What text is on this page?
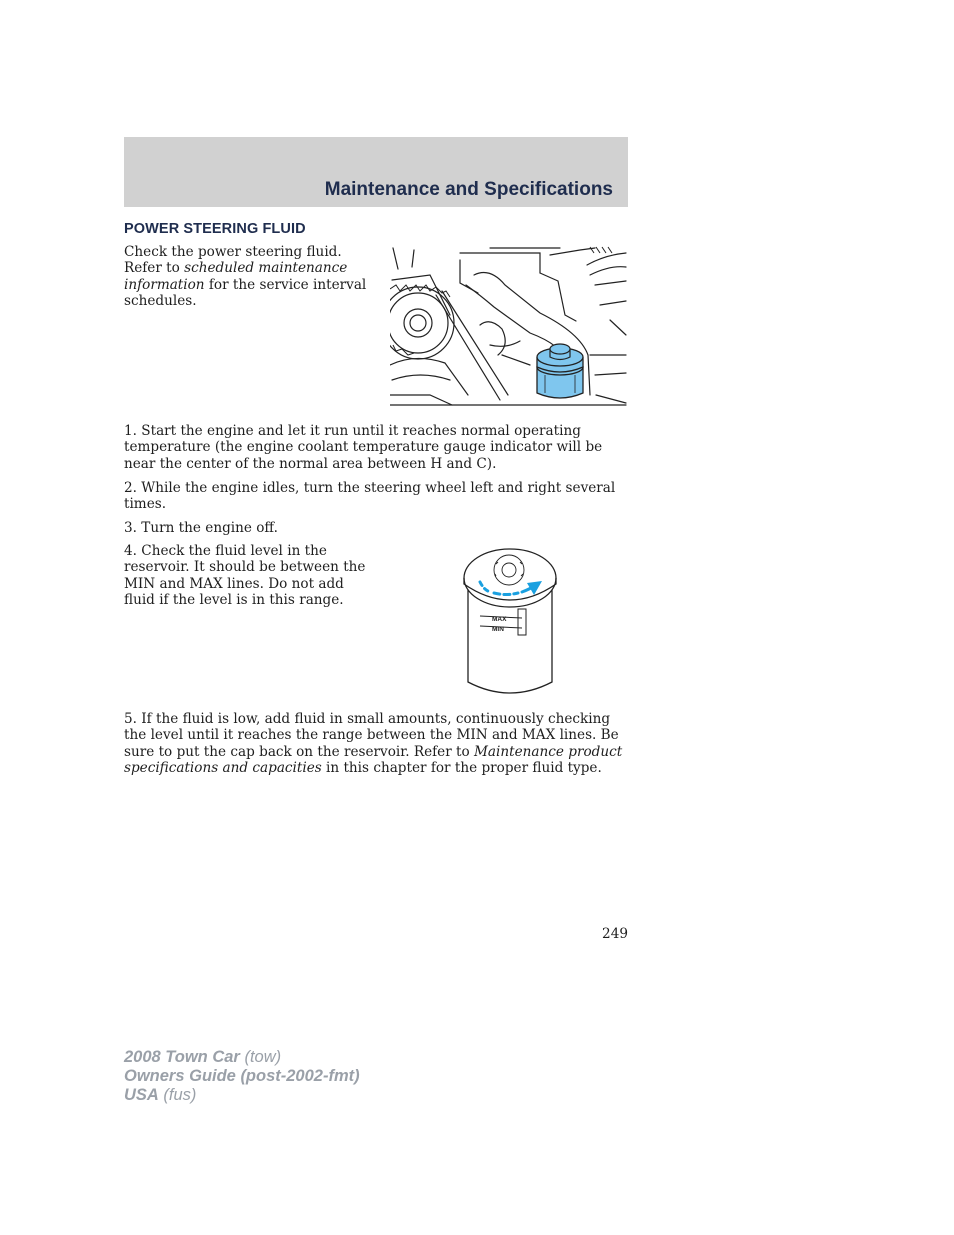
Maintenance and Specifications
POWER STEERING FLUID
Check the power steering fluid. Refer to scheduled maintenance information for the service interval schedules.
1. Start the engine and let it run until it reaches normal operating temperature (the engine coolant temperature gauge indicator will be near the center of the normal area between H and C).
2. While the engine idles, turn the steering wheel left and right several times.
3. Turn the engine off.
4. Check the fluid level in the reservoir. It should be between the MIN and MAX lines. Do not add fluid if the level is in this range.
MAX
MIN
5. If the fluid is low, add fluid in small amounts, continuously checking the level until it reaches the range between the MIN and MAX lines. Be sure to put the cap back on the reservoir. Refer to Maintenance product specifications and capacities in this chapter for the proper fluid type.
249
2008 Town Car (tow)
Owners Guide (post-2002-fmt)
USA (fus)
